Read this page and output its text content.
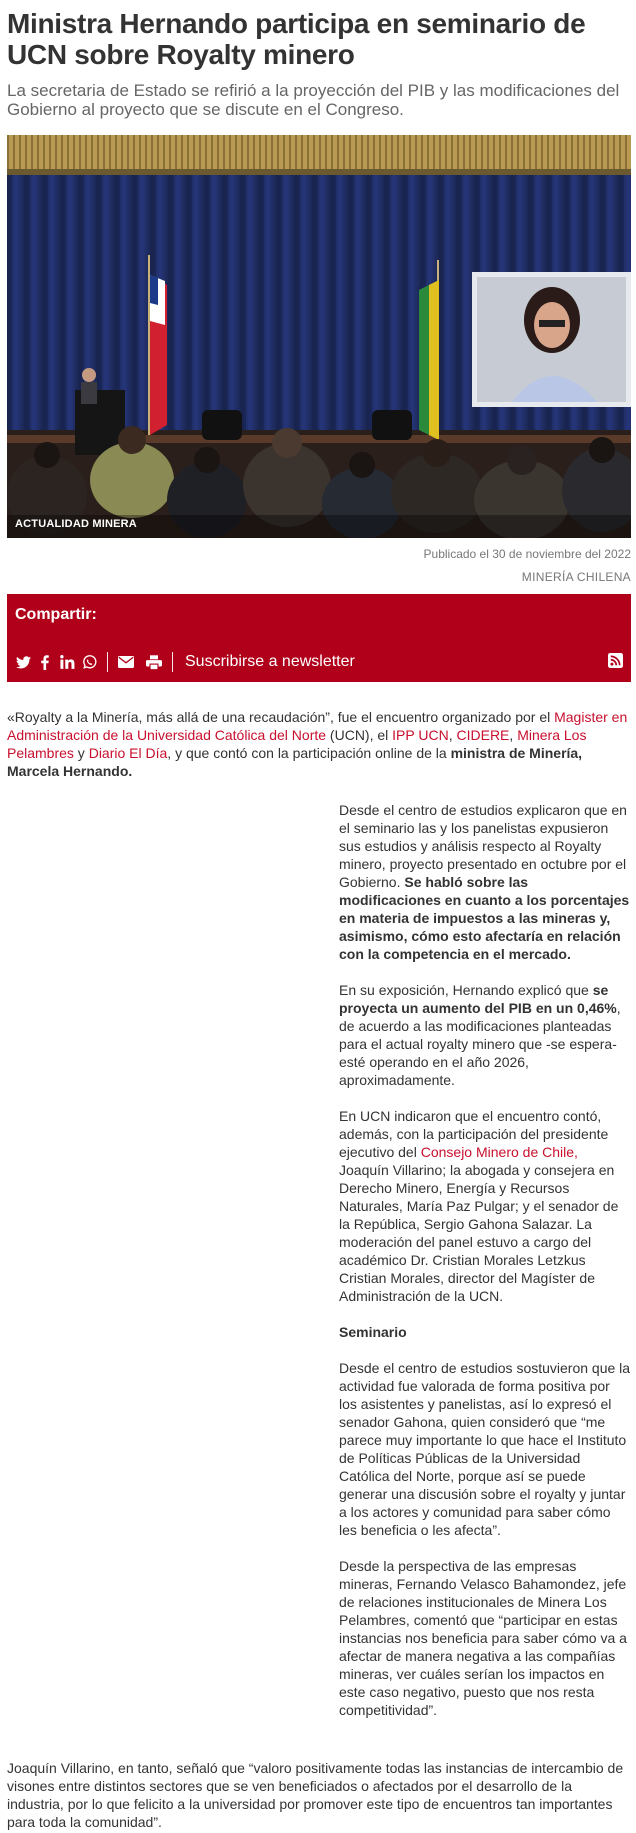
Ministra Hernando participa en seminario de UCN sobre Royalty minero

La secretaria de Estado se refirió a la proyección del PIB y las modificaciones del Gobierno al proyecto que se discute en el Congreso.

ACTUALIDAD MINERA
Publicado el 30 de noviembre del 2022
MINERÍA CHILENA
Compartir:
Suscribirse a newsletter

«Royalty a la Minería, más allá de una recaudación”, fue el encuentro organizado por el Magister en Administración de la Universidad Católica del Norte (UCN), el IPP UCN, CIDERE, Minera Los Pelambres y Diario El Día, y que contó con la participación online de la ministra de Minería, Marcela Hernando.

Desde el centro de estudios explicaron que en el seminario las y los panelistas expusieron sus estudios y análisis respecto al Royalty minero, proyecto presentado en octubre por el Gobierno. Se habló sobre las modificaciones en cuanto a los porcentajes en materia de impuestos a las mineras y, asimismo, cómo esto afectaría en relación con la competencia en el mercado.

En su exposición, Hernando explicó que se proyecta un aumento del PIB en un 0,46%, de acuerdo a las modificaciones planteadas para el actual royalty minero que -se espera- esté operando en el año 2026, aproximadamente.

En UCN indicaron que el encuentro contó, además, con la participación del presidente ejecutivo del Consejo Minero de Chile, Joaquín Villarino; la abogada y consejera en Derecho Minero, Energía y Recursos Naturales, María Paz Pulgar; y el senador de la República, Sergio Gahona Salazar. La moderación del panel estuvo a cargo del académico Dr. Cristian Morales Letzkus Cristian Morales, director del Magíster de Administración de la UCN.

Seminario

Desde el centro de estudios sostuvieron que la actividad fue valorada de forma positiva por los asistentes y panelistas, así lo expresó el senador Gahona, quien consideró que “me parece muy importante lo que hace el Instituto de Políticas Públicas de la Universidad Católica del Norte, porque así se puede generar una discusión sobre el royalty y juntar a los actores y comunidad para saber cómo les beneficia o les afecta”.

Desde la perspectiva de las empresas mineras, Fernando Velasco Bahamondez, jefe de relaciones institucionales de Minera Los Pelambres, comentó que “participar en estas instancias nos beneficia para saber cómo va a afectar de manera negativa a las compañías mineras, ver cuáles serían los impactos en este caso negativo, puesto que nos resta competitividad”.

Joaquín Villarino, en tanto, señaló que “valoro positivamente todas las instancias de intercambio de visones entre distintos sectores que se ven beneficiados o afectados por el desarrollo de la industria, por lo que felicito a la universidad por promover este tipo de encuentros tan importantes para toda la comunidad”.
